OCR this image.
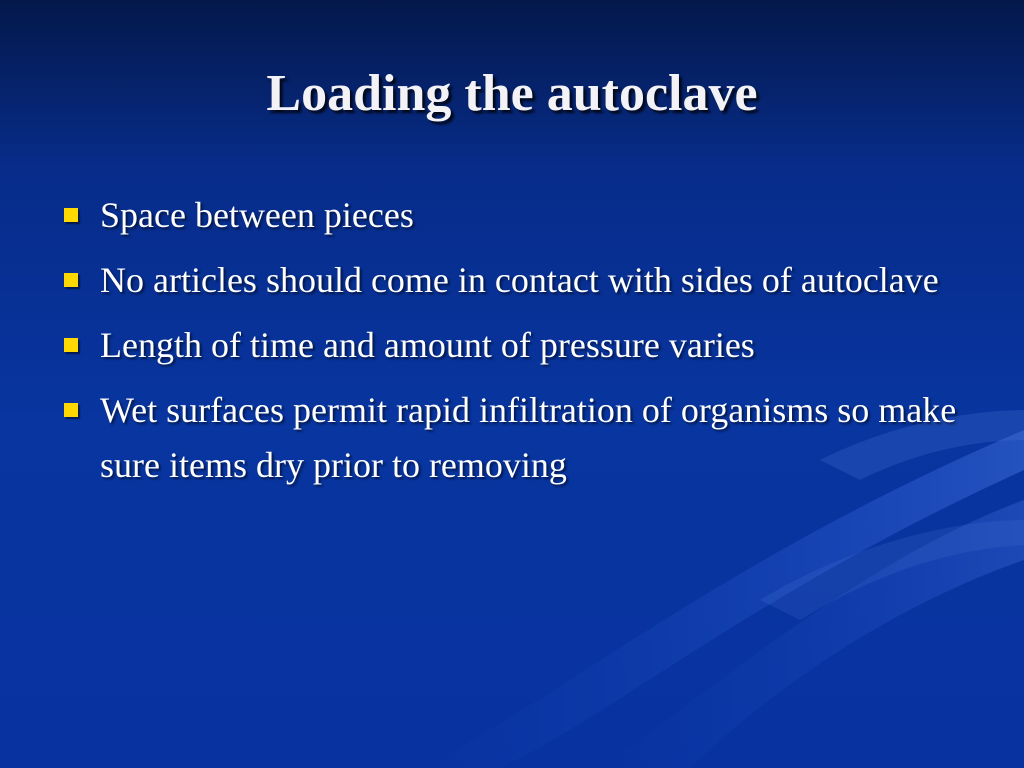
Loading the autoclave
Space between pieces
No articles should come in contact with sides of autoclave
Length of time and amount of pressure varies
Wet surfaces permit rapid infiltration of organisms so make sure items dry prior to removing
